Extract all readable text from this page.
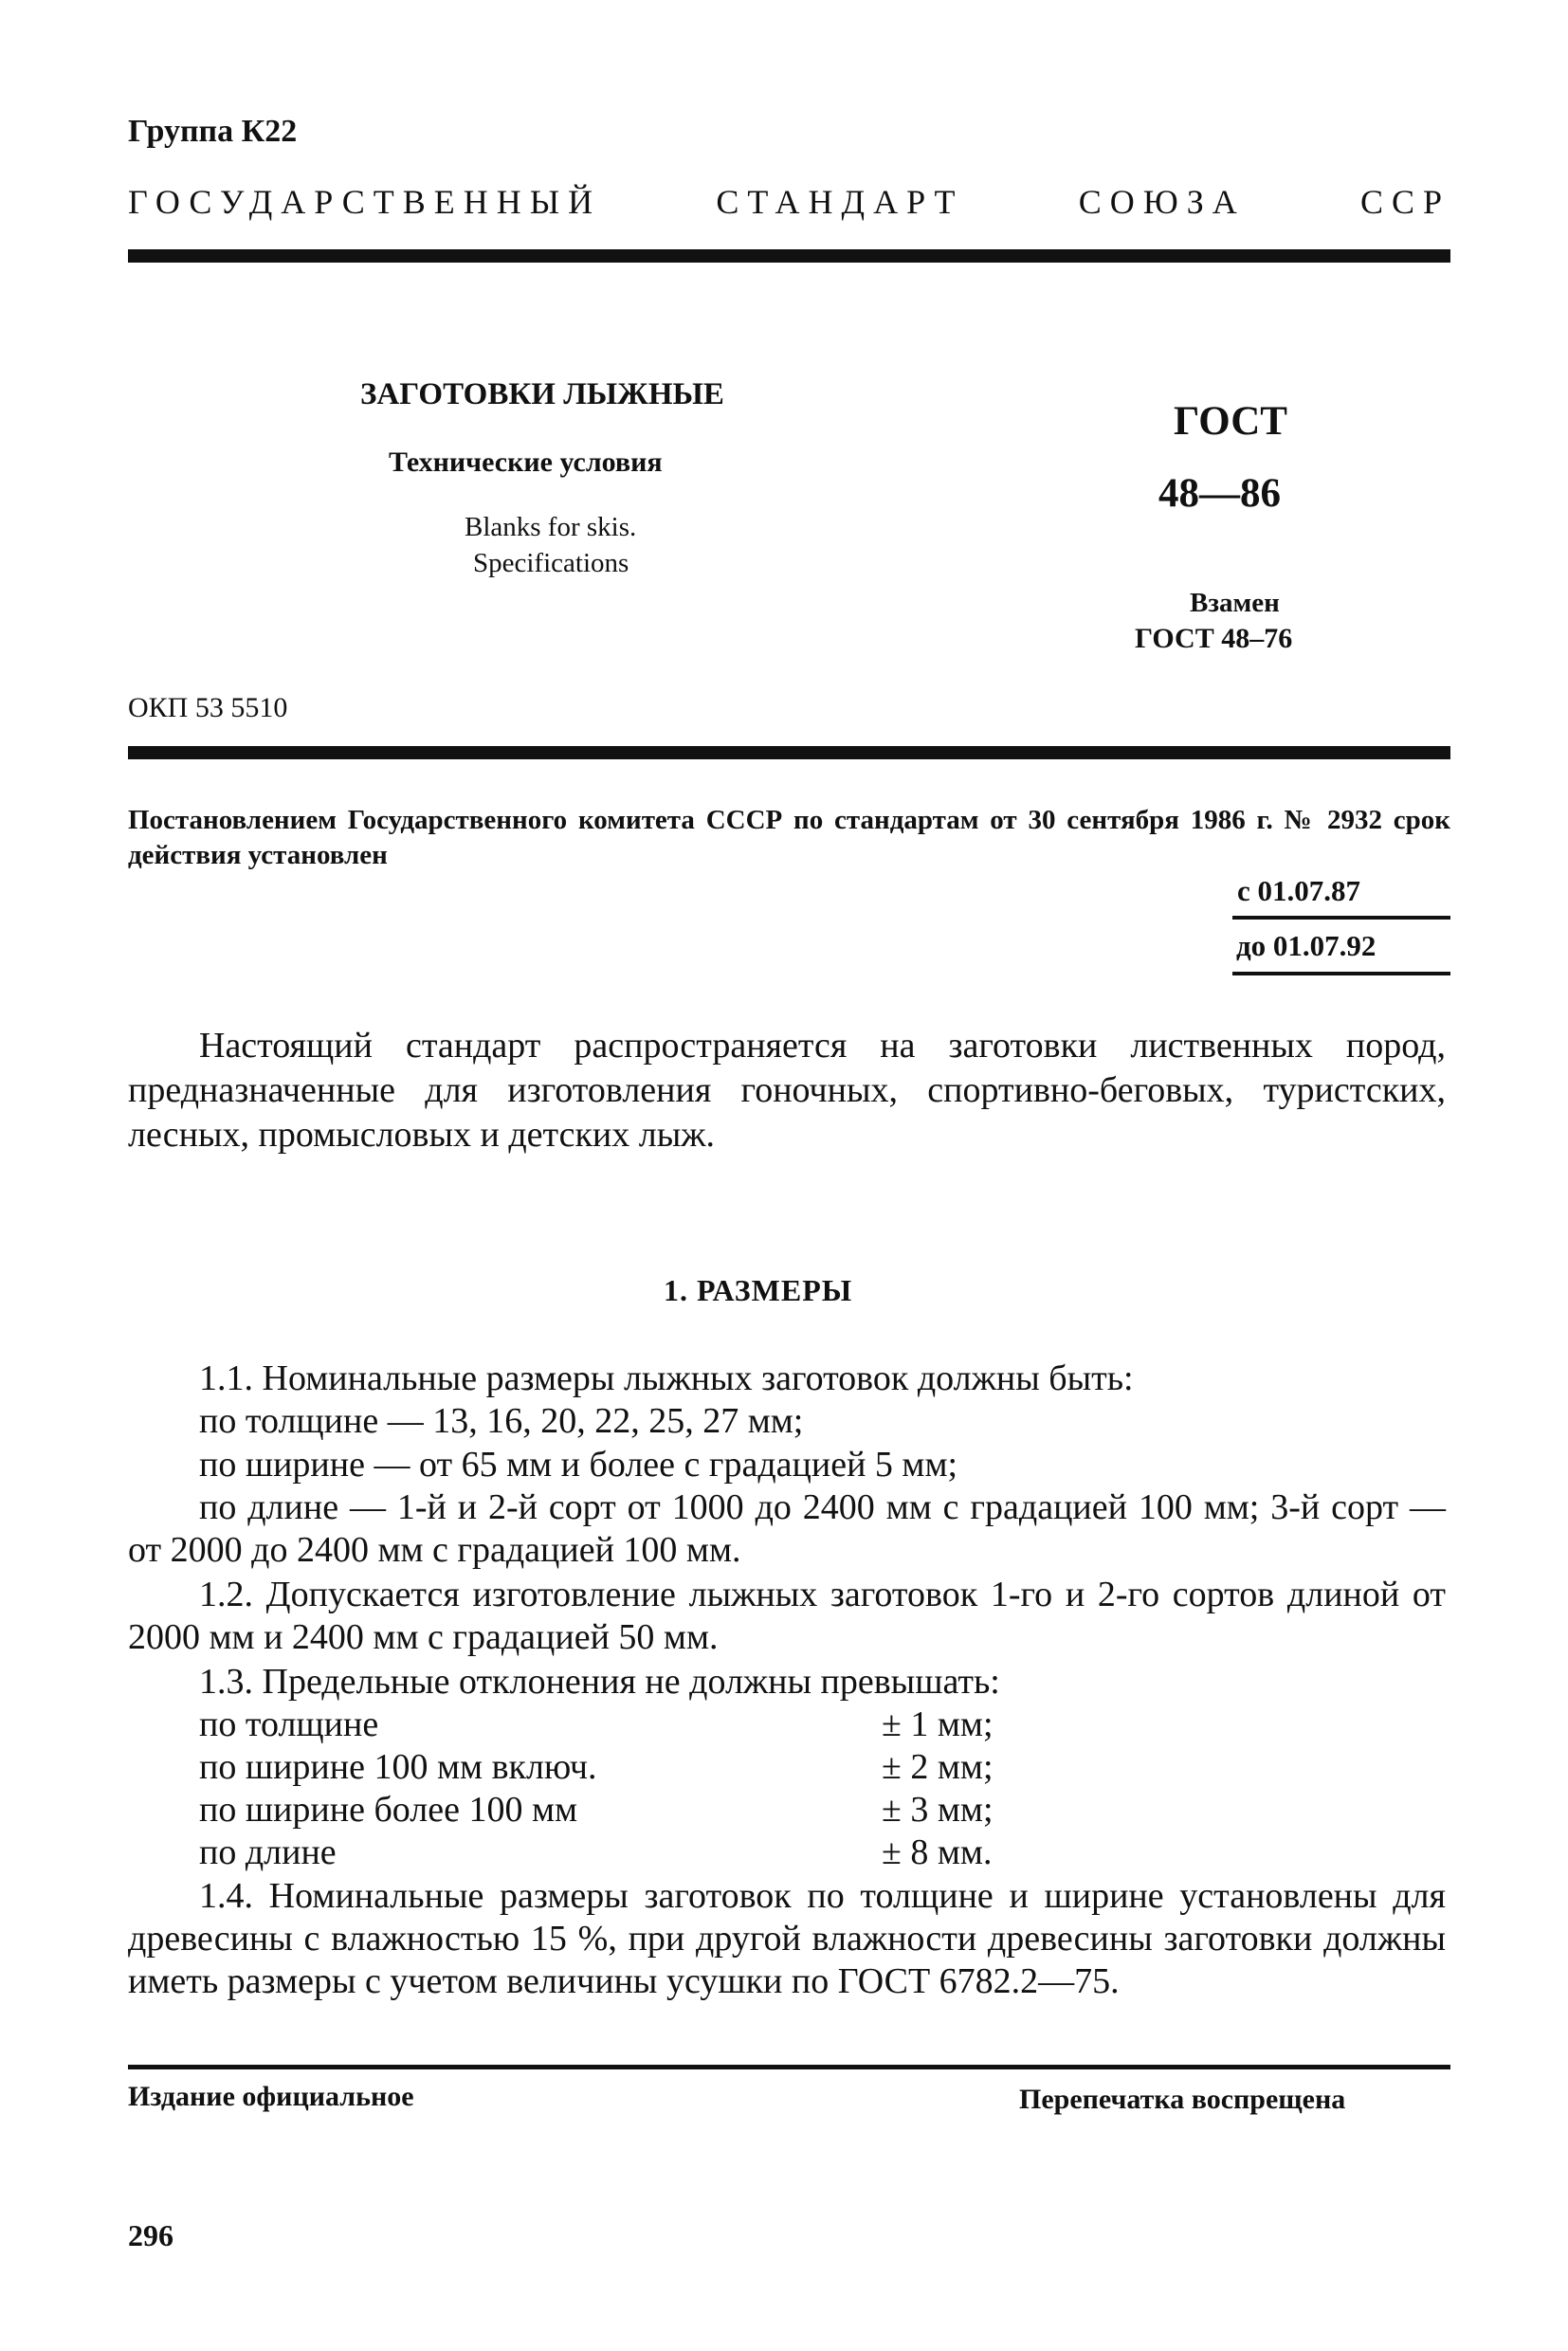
Группа К22
ГОСУДАРСТВЕННЫЙ	СТАНДАРТ	СОЮЗА	ССР
ЗАГОТОВКИ ЛЫЖНЫЕ
Технические условия
Blanks for skis.
Specifications
ГОСТ
48—86
Взамен
ГОСТ 48–76
ОКП 53 5510
Постановлением Государственного комитета СССР по стандартам от 30 сентября 1986 г. № 2932 срок действия установлен
с 01.07.87
до 01.07.92
Настоящий стандарт распространяется на заготовки лиственных пород, предназначенные для изготовления гоночных, спортивно-беговых, туристских, лесных, промысловых и детских лыж.
1. РАЗМЕРЫ
1.1. Номинальные размеры лыжных заготовок должны быть:
по толщине — 13, 16, 20, 22, 25, 27 мм;
по ширине — от 65 мм и более с градацией 5 мм;
по длине — 1-й и 2-й сорт от 1000 до 2400 мм с градацией 100 мм; 3-й сорт — от 2000 до 2400 мм с градацией 100 мм.
1.2. Допускается изготовление лыжных заготовок 1-го и 2-го сортов длиной от 2000 мм и 2400 мм с градацией 50 мм.
1.3. Предельные отклонения не должны превышать:
по толщине	± 1 мм;
по ширине 100 мм включ.	± 2 мм;
по ширине более 100 мм	± 3 мм;
по длине	± 8 мм.
1.4. Номинальные размеры заготовок по толщине и ширине установлены для древесины с влажностью 15 %, при другой влажности древесины заготовки должны иметь размеры с учетом величины усушки по ГОСТ 6782.2—75.
Издание официальное	Перепечатка воспрещена
296
